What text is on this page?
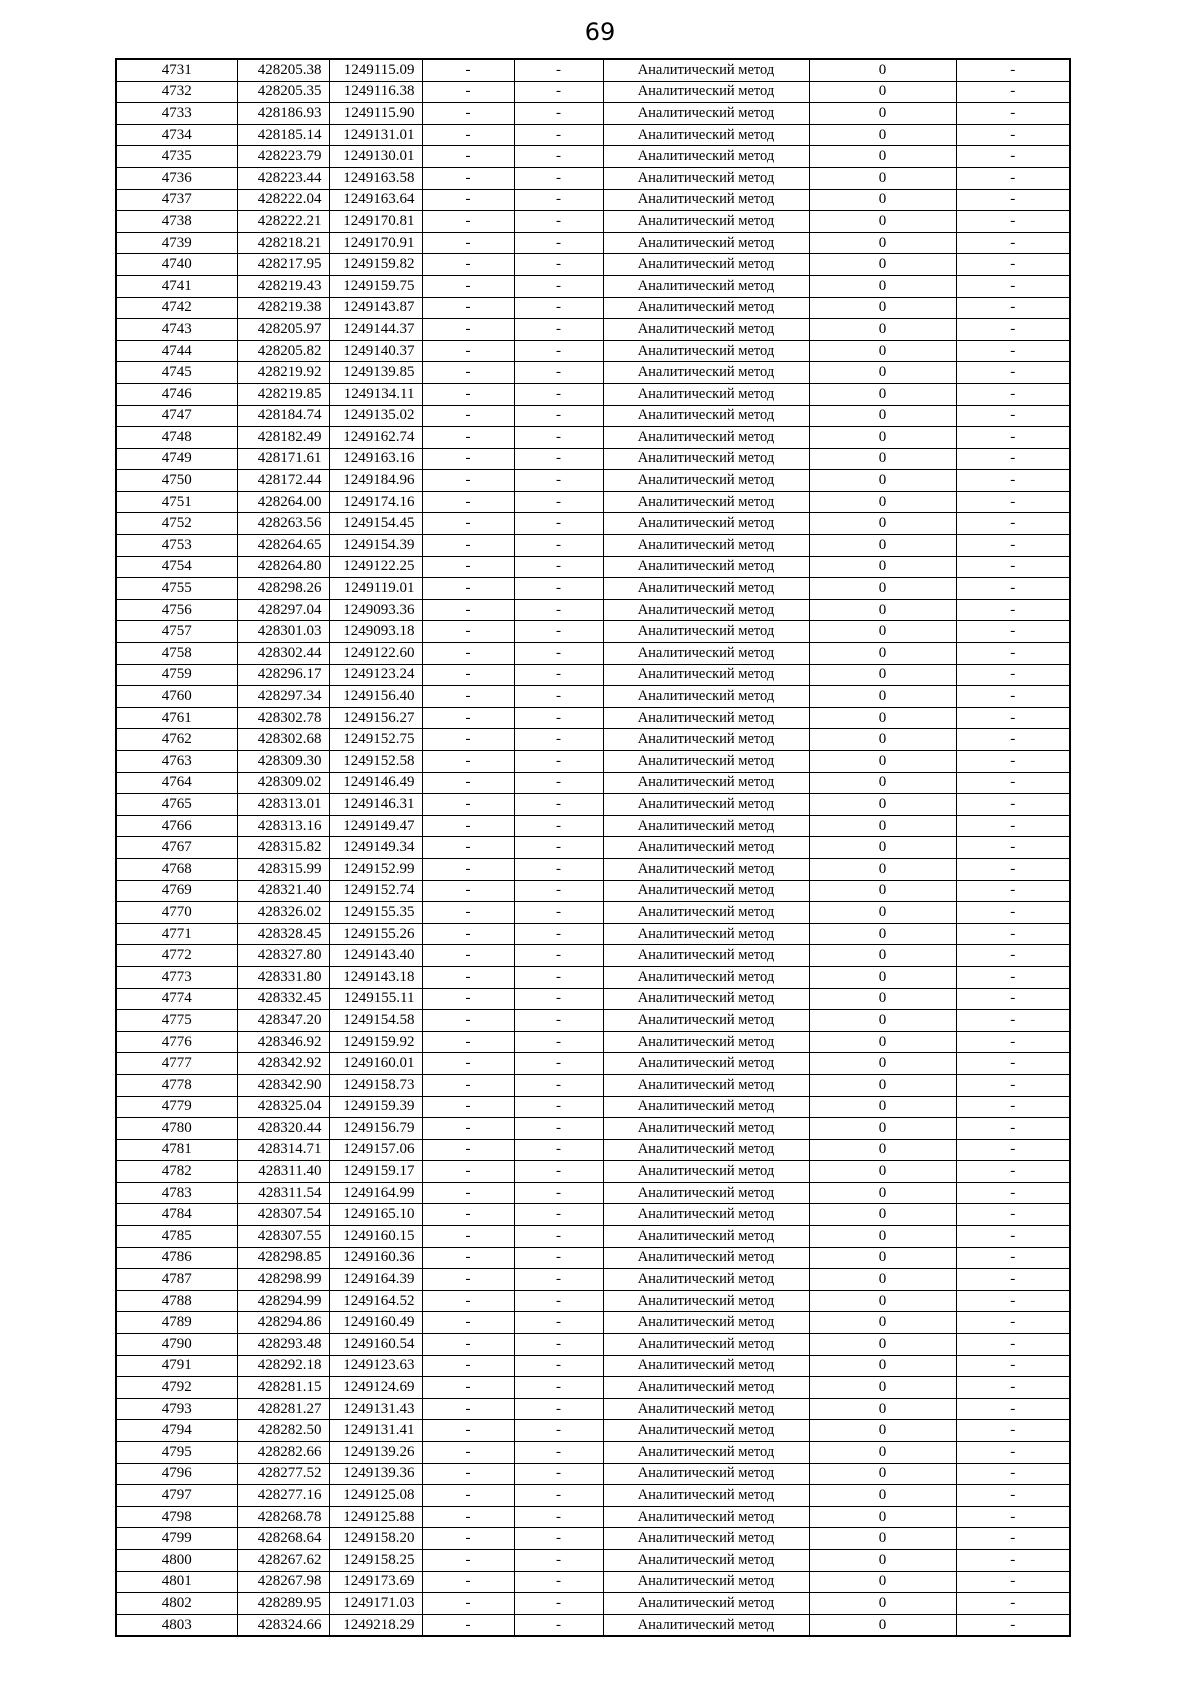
69
4731	428205.38	1249115.09	-	-	Аналитический метод	0	-
4732	428205.35	1249116.38	-	-	Аналитический метод	0	-
4733	428186.93	1249115.90	-	-	Аналитический метод	0	-
4734	428185.14	1249131.01	-	-	Аналитический метод	0	-
4735	428223.79	1249130.01	-	-	Аналитический метод	0	-
4736	428223.44	1249163.58	-	-	Аналитический метод	0	-
4737	428222.04	1249163.64	-	-	Аналитический метод	0	-
4738	428222.21	1249170.81	-	-	Аналитический метод	0	-
4739	428218.21	1249170.91	-	-	Аналитический метод	0	-
4740	428217.95	1249159.82	-	-	Аналитический метод	0	-
4741	428219.43	1249159.75	-	-	Аналитический метод	0	-
4742	428219.38	1249143.87	-	-	Аналитический метод	0	-
4743	428205.97	1249144.37	-	-	Аналитический метод	0	-
4744	428205.82	1249140.37	-	-	Аналитический метод	0	-
4745	428219.92	1249139.85	-	-	Аналитический метод	0	-
4746	428219.85	1249134.11	-	-	Аналитический метод	0	-
4747	428184.74	1249135.02	-	-	Аналитический метод	0	-
4748	428182.49	1249162.74	-	-	Аналитический метод	0	-
4749	428171.61	1249163.16	-	-	Аналитический метод	0	-
4750	428172.44	1249184.96	-	-	Аналитический метод	0	-
4751	428264.00	1249174.16	-	-	Аналитический метод	0	-
4752	428263.56	1249154.45	-	-	Аналитический метод	0	-
4753	428264.65	1249154.39	-	-	Аналитический метод	0	-
4754	428264.80	1249122.25	-	-	Аналитический метод	0	-
4755	428298.26	1249119.01	-	-	Аналитический метод	0	-
4756	428297.04	1249093.36	-	-	Аналитический метод	0	-
4757	428301.03	1249093.18	-	-	Аналитический метод	0	-
4758	428302.44	1249122.60	-	-	Аналитический метод	0	-
4759	428296.17	1249123.24	-	-	Аналитический метод	0	-
4760	428297.34	1249156.40	-	-	Аналитический метод	0	-
4761	428302.78	1249156.27	-	-	Аналитический метод	0	-
4762	428302.68	1249152.75	-	-	Аналитический метод	0	-
4763	428309.30	1249152.58	-	-	Аналитический метод	0	-
4764	428309.02	1249146.49	-	-	Аналитический метод	0	-
4765	428313.01	1249146.31	-	-	Аналитический метод	0	-
4766	428313.16	1249149.47	-	-	Аналитический метод	0	-
4767	428315.82	1249149.34	-	-	Аналитический метод	0	-
4768	428315.99	1249152.99	-	-	Аналитический метод	0	-
4769	428321.40	1249152.74	-	-	Аналитический метод	0	-
4770	428326.02	1249155.35	-	-	Аналитический метод	0	-
4771	428328.45	1249155.26	-	-	Аналитический метод	0	-
4772	428327.80	1249143.40	-	-	Аналитический метод	0	-
4773	428331.80	1249143.18	-	-	Аналитический метод	0	-
4774	428332.45	1249155.11	-	-	Аналитический метод	0	-
4775	428347.20	1249154.58	-	-	Аналитический метод	0	-
4776	428346.92	1249159.92	-	-	Аналитический метод	0	-
4777	428342.92	1249160.01	-	-	Аналитический метод	0	-
4778	428342.90	1249158.73	-	-	Аналитический метод	0	-
4779	428325.04	1249159.39	-	-	Аналитический метод	0	-
4780	428320.44	1249156.79	-	-	Аналитический метод	0	-
4781	428314.71	1249157.06	-	-	Аналитический метод	0	-
4782	428311.40	1249159.17	-	-	Аналитический метод	0	-
4783	428311.54	1249164.99	-	-	Аналитический метод	0	-
4784	428307.54	1249165.10	-	-	Аналитический метод	0	-
4785	428307.55	1249160.15	-	-	Аналитический метод	0	-
4786	428298.85	1249160.36	-	-	Аналитический метод	0	-
4787	428298.99	1249164.39	-	-	Аналитический метод	0	-
4788	428294.99	1249164.52	-	-	Аналитический метод	0	-
4789	428294.86	1249160.49	-	-	Аналитический метод	0	-
4790	428293.48	1249160.54	-	-	Аналитический метод	0	-
4791	428292.18	1249123.63	-	-	Аналитический метод	0	-
4792	428281.15	1249124.69	-	-	Аналитический метод	0	-
4793	428281.27	1249131.43	-	-	Аналитический метод	0	-
4794	428282.50	1249131.41	-	-	Аналитический метод	0	-
4795	428282.66	1249139.26	-	-	Аналитический метод	0	-
4796	428277.52	1249139.36	-	-	Аналитический метод	0	-
4797	428277.16	1249125.08	-	-	Аналитический метод	0	-
4798	428268.78	1249125.88	-	-	Аналитический метод	0	-
4799	428268.64	1249158.20	-	-	Аналитический метод	0	-
4800	428267.62	1249158.25	-	-	Аналитический метод	0	-
4801	428267.98	1249173.69	-	-	Аналитический метод	0	-
4802	428289.95	1249171.03	-	-	Аналитический метод	0	-
4803	428324.66	1249218.29	-	-	Аналитический метод	0	-
